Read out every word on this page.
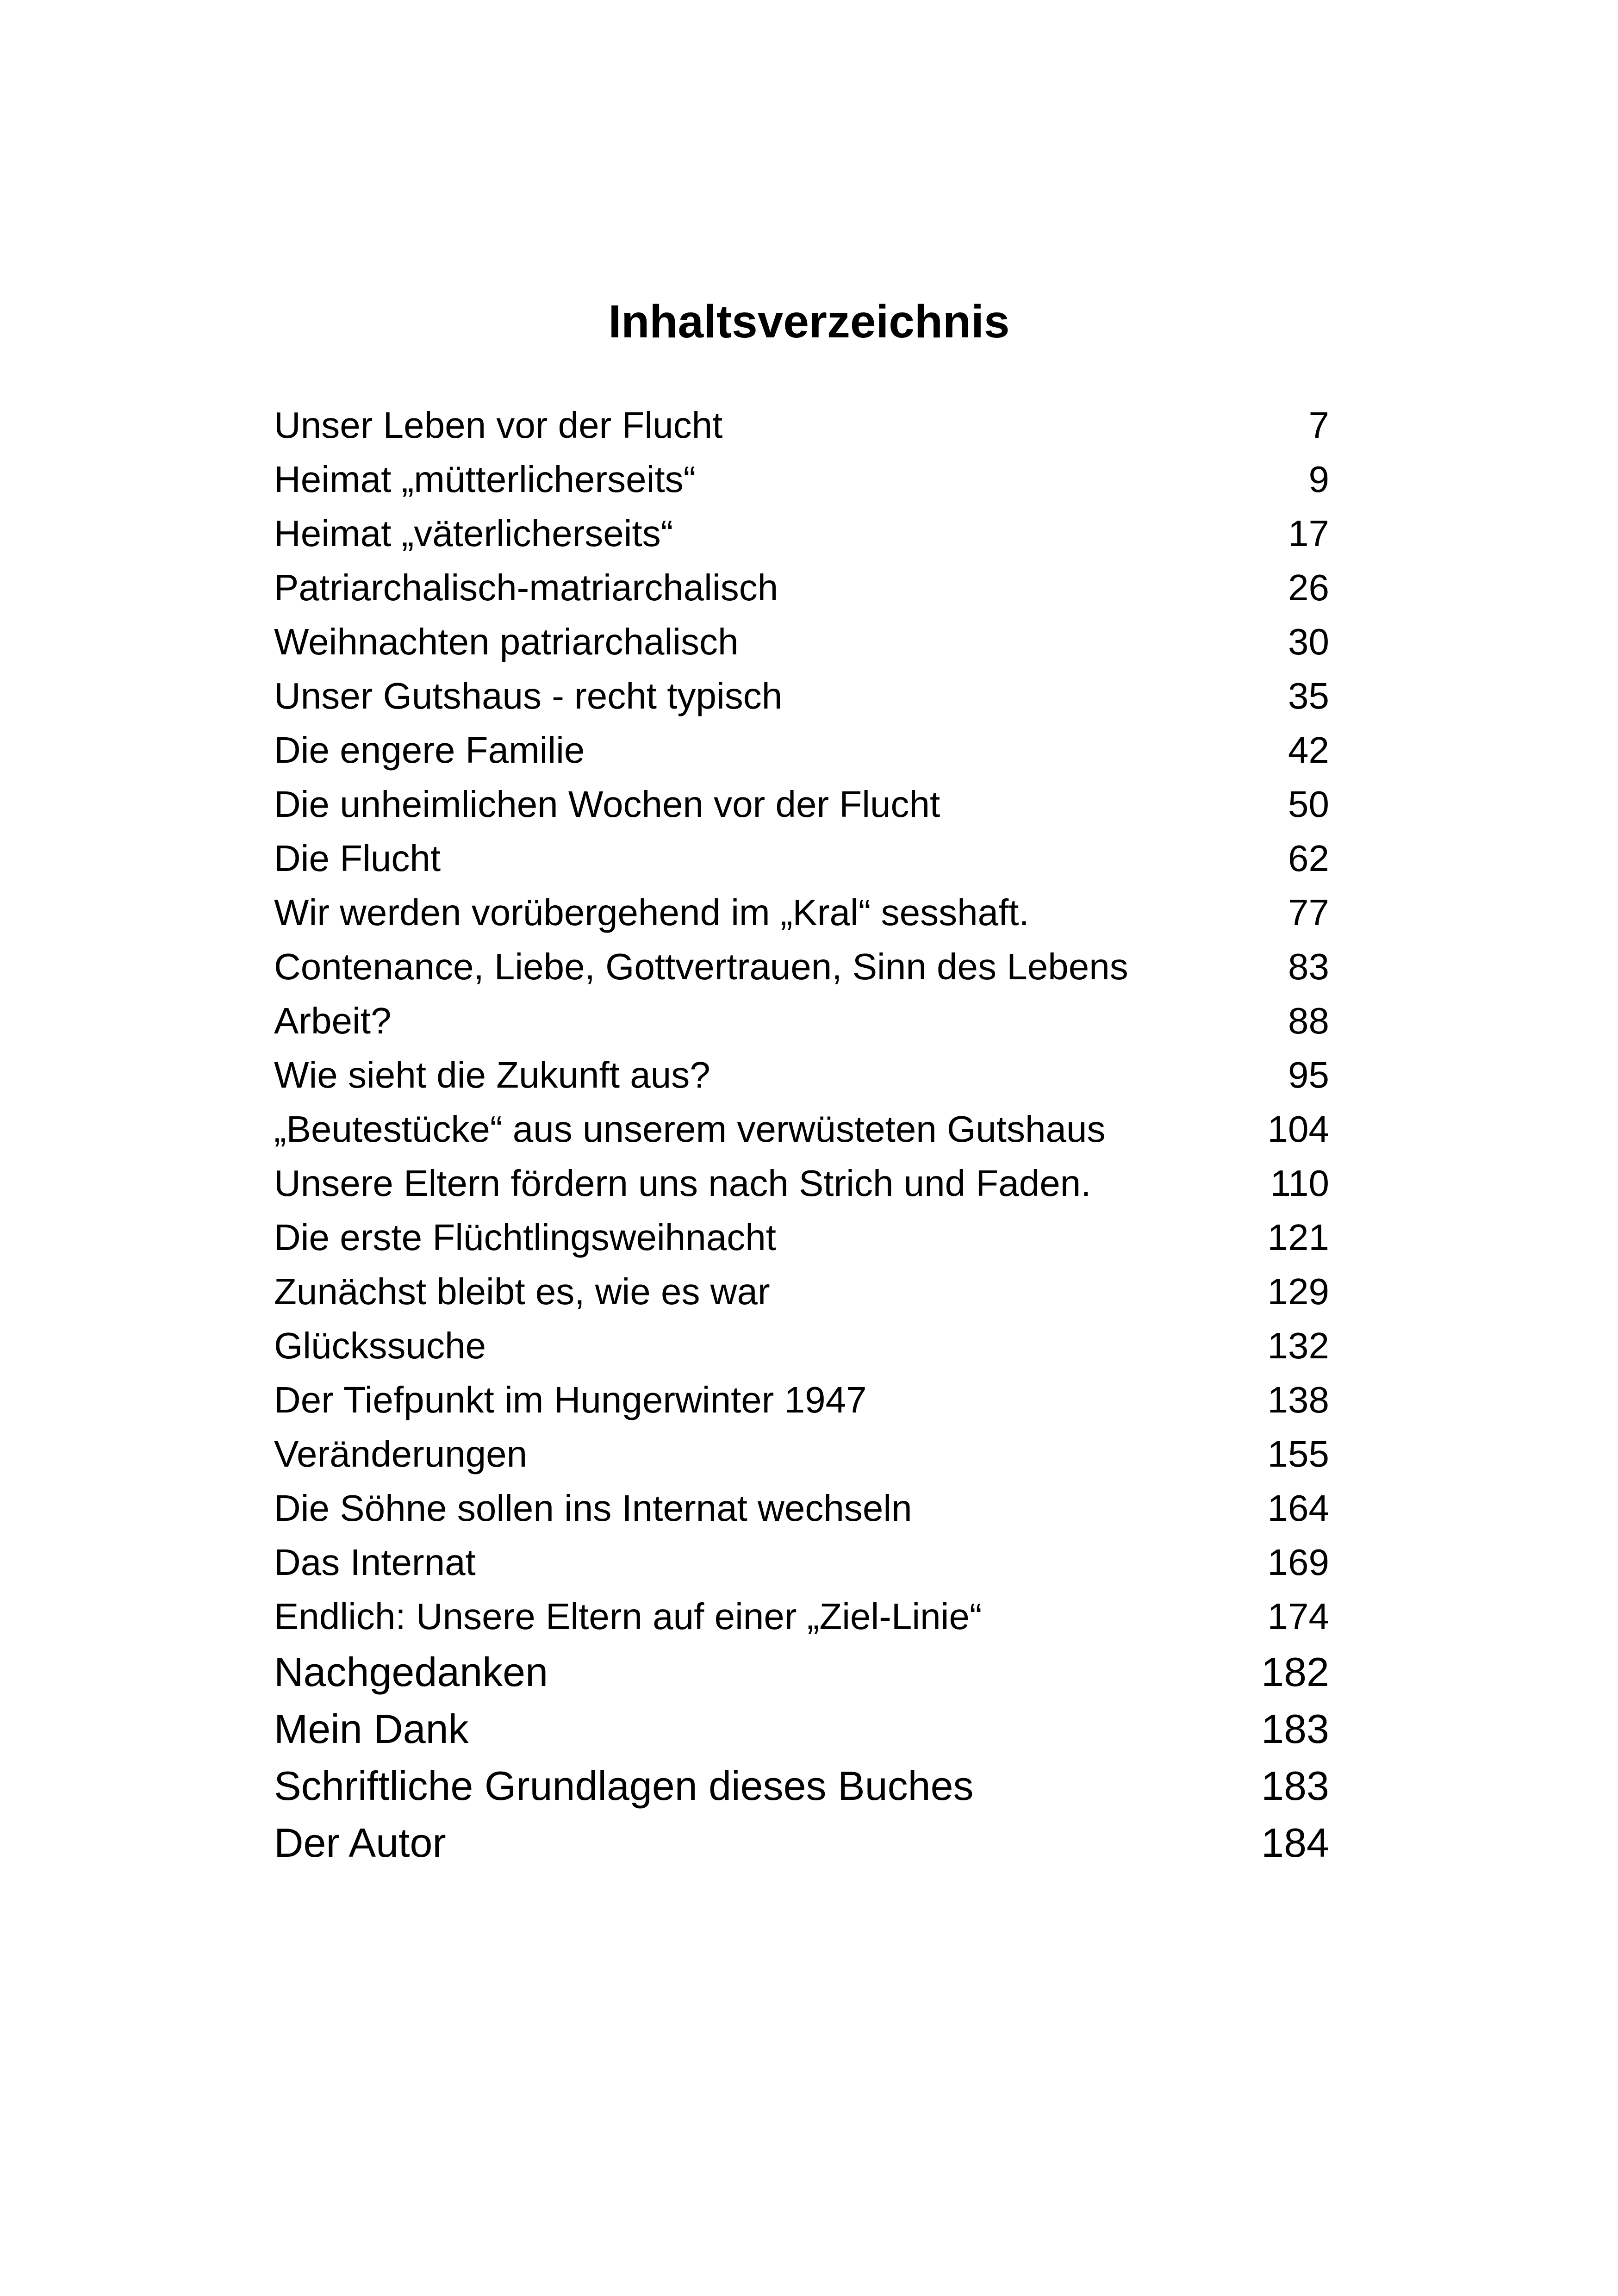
Inhaltsverzeichnis
Unser Leben vor der Flucht	7
Heimat „mütterlicherseits“	9
Heimat „väterlicherseits“	17
Patriarchalisch-matriarchalisch	26
Weihnachten patriarchalisch	30
Unser Gutshaus - recht typisch	35
Die engere Familie	42
Die unheimlichen Wochen vor der Flucht	50
Die Flucht	62
Wir werden vorübergehend im „Kral“ sesshaft.	77
Contenance, Liebe, Gottvertrauen, Sinn des Lebens	83
Arbeit?	88
Wie sieht die Zukunft aus?	95
„Beutestücke“ aus unserem verwüsteten Gutshaus	104
Unsere Eltern fördern uns nach Strich und Faden.	110
Die erste Flüchtlingsweihnacht	121
Zunächst bleibt es, wie es war	129
Glückssuche	132
Der Tiefpunkt im Hungerwinter 1947	138
Veränderungen	155
Die Söhne sollen ins Internat wechseln	164
Das Internat	169
Endlich: Unsere Eltern auf einer „Ziel-Linie“	174
Nachgedanken	182
Mein Dank	183
Schriftliche Grundlagen dieses Buches	183
Der Autor	184
